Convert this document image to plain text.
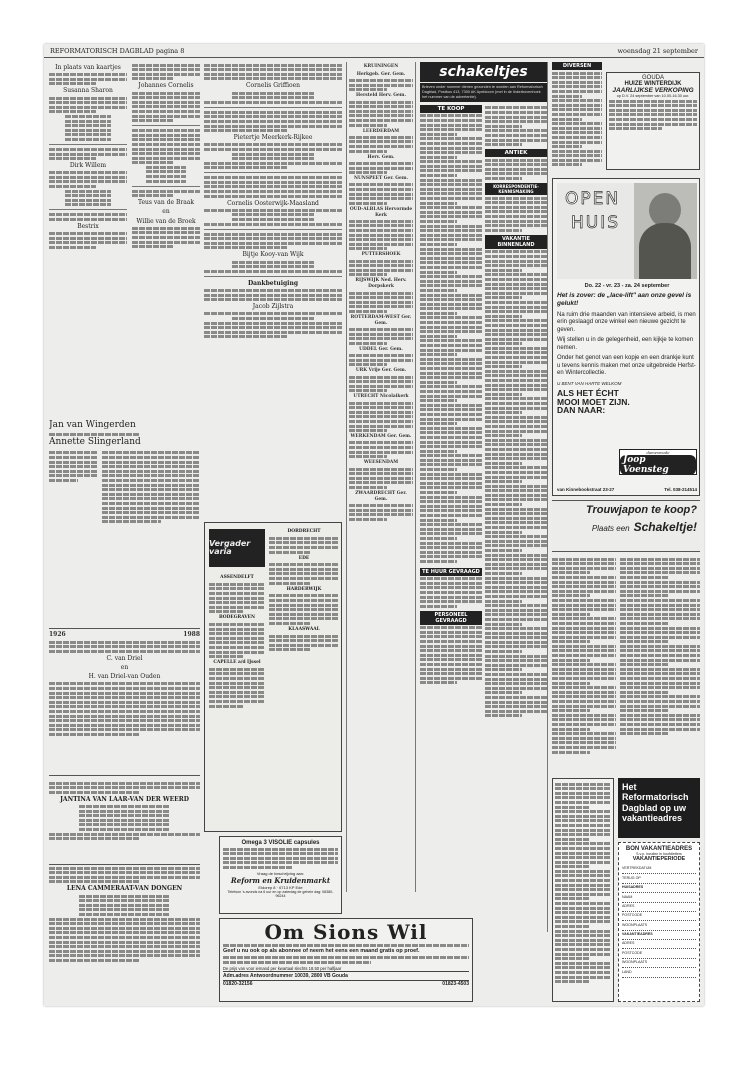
REFORMATORISCH DAGBLAD pagina 8	woensdag 21 september
In plaats van kaartjes
Susanna Sharon
Dirk Willem
Bestrix
Johannes Cornelis
Teus van de Braak
en
Willie van de Broek
Jan van Wingerden
Annette Slingerland
1926	1988
C. van Driel
en
H. van Driel-van Ouden
JANTINA VAN LAAR-VAN DER WEERD
LENA CAMMERAAT-VAN DONGEN
Cornelis Griffioen
Pietertje Meerkerk-Rijkee
Cornelis Oosterwijk-Maasland
Bijtje Kooy-van Wijk
Dankbetuiging
Jacob Zijlstra
Vergader varia
DORDRECHT
EDE
HARDERWIJK
KLAASWAAL
ASSENDELFT
BODEGRAVEN
CAPELLE a/d IJssel
Omega 3 VISOLIE capsules
Vraag de beschrijving aan:
Reform en Kruidenmarkt
Eldorep 8 · 6713 KP Ede
Telefoon 's avonds na 6 uur en op zaterdag de gehele dag: 08380-96244
Om Sions Wil
Geef u nu ook op als abonnee of neem het eens een maand gratis op proef.
De prijs van voor iemand per kwartaal slechts 18.50 per halfjaar
Adm.adres Antwoordnummer 10039, 2800 VB Gouda
01820-32156	01823-4503
KRUININGEN
Herkgeb. Ger. Gem.
Hersteld Herv. Gem.
LEERDERDAM
Herv. Gem.
NUNSPEET Ger. Gem.
OUD-ALBLAS Hervormde Kerk
PUTTERSHOEK
RIJSWIJK Ned. Herv. Dorpskerk
ROTTERDAM-WEST Ger. Gem.
UDDEL Ger. Gem.
URK Vrije Ger. Gem.
UTRECHT Nicolaikerk
WERKENDAM Ger. Gem.
WEESENDAM
ZWAARDRECHT Ger. Gem.
schakeltjes
Brieven onder nummer dienen gezonden te worden aan Reformatorisch Dagblad, Postbus 413, 7300 AK Apeldoorn (met in de linkerbovenhoek het nummer van de advertentie).
TE KOOP
TE HUUR GEVRAAGD
PERSONEEL GEVRAAGD
ANTIEK
KORRESPONDENTIE-KENNISMAKING
VAKANTIE BINNENLAND
DIVERSEN
GOUDA
HUIZE WINTERDIJK
JAARLIJKSE VERKOPING
op D.V. 24 september van 10.00-16.30 uur.
OPEN
HUIS
Do. 22 - vr. 23 - za. 24 september
Het is zover: de „lace-lift" aan onze gevel is gelukt!
Na ruim drie maanden van intensieve arbeid, is men erin geslaagd onze winkel een nieuwe gezicht te geven.
Wij stellen u in de gelegenheid, een kijkje te komen nemen.
Onder het genot van een kopje en een drankje kunt u tevens kennis maken met onze uitgebreide Herfst- en Wintercollectie.
U BENT VAN HARTE WELKOM
ALS HET ÉCHT MOOI MOET ZIJN. DAN NAAR:
damesmode
Joop Voensteg
van Kinnebookstraat 23-27	Tel. 038-214514
Trouwjapon te koop?
Plaats een Schakeltje!
Het Reformatorisch Dagblad op uw vakantieadres
BON VAKANTIEADRES
S.v.p. invullen in hoofdletters
VAKANTIEPERIODE
VERTREKDATUM
TERUG OP
HUISADRES
NAAM
ADRES
POSTCODE
WOONPLAATS
VAKANTIEADRES
ADRES
POSTCODE
WOONPLAATS
LAND
